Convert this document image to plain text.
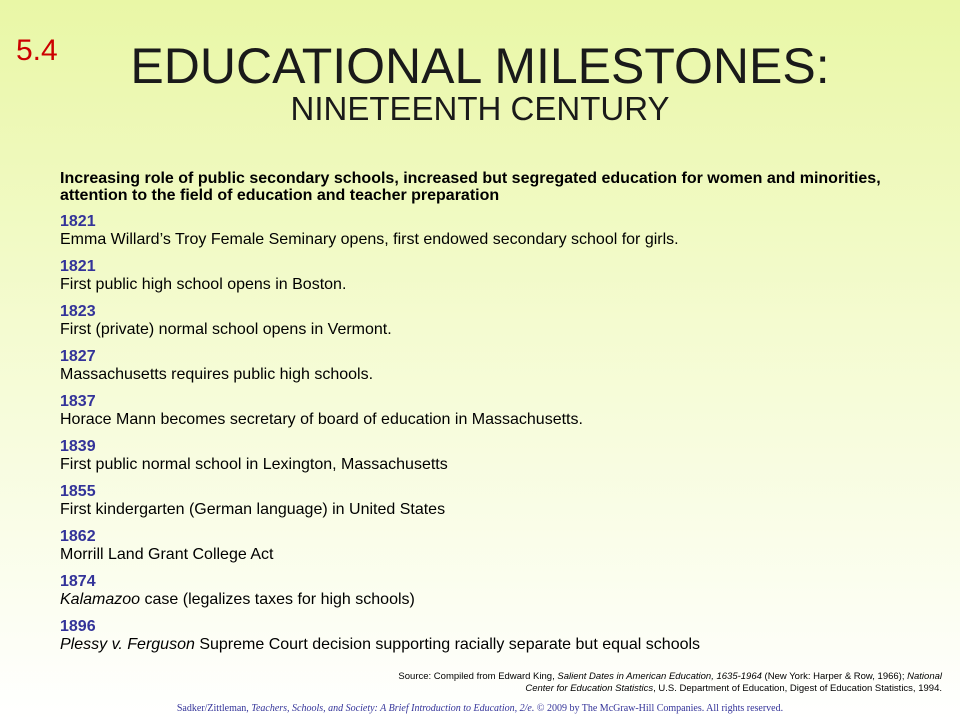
5.4	EDUCATIONAL MILESTONES:
NINETEENTH CENTURY
Increasing role of public secondary schools, increased but segregated education for women and minorities, attention to the field of education and teacher preparation
1821
Emma Willard’s Troy Female Seminary opens, first endowed secondary school for girls.
1821
First public high school opens in Boston.
1823
First (private) normal school opens in Vermont.
1827
Massachusetts requires public high schools.
1837
Horace Mann becomes secretary of board of education in Massachusetts.
1839
First public normal school in Lexington, Massachusetts
1855
First kindergarten (German language) in United States
1862
Morrill Land Grant College Act
1874
Kalamazoo case (legalizes taxes for high schools)
1896
Plessy v. Ferguson Supreme Court decision supporting racially separate but equal schools
Source: Compiled from Edward King, Salient Dates in American Education, 1635-1964 (New York: Harper & Row, 1966); National Center for Education Statistics, U.S. Department of Education, Digest of Education Statistics, 1994.
Sadker/Zittleman, Teachers, Schools, and Society: A Brief Introduction to Education, 2/e. © 2009 by The McGraw-Hill Companies. All rights reserved.
